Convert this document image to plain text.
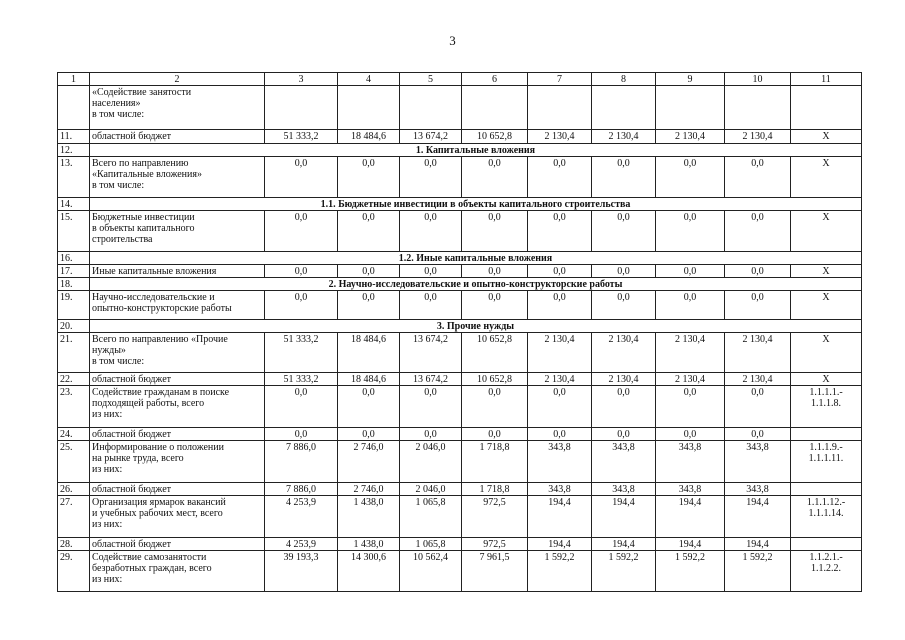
3
1	2	3	4	5	6	7	8	9	10	11
	«Содействие занятости
населения»
в том числе:									
11.	областной бюджет	51 333,2	18 484,6	13 674,2	10 652,8	2 130,4	2 130,4	2 130,4	2 130,4	X
12.	1. Капитальные вложения									
13.	Всего по направлению
«Капитальные вложения»
в том числе:	0,0	0,0	0,0	0,0	0,0	0,0	0,0	0,0	X
14.	1.1. Бюджетные инвестиции в объекты капитального строительства									
15.	Бюджетные инвестиции
в объекты капитального
строительства	0,0	0,0	0,0	0,0	0,0	0,0	0,0	0,0	X
16.	1.2. Иные капитальные вложения									
17.	Иные капитальные вложения	0,0	0,0	0,0	0,0	0,0	0,0	0,0	0,0	X
18.	2. Научно-исследовательские и опытно-конструкторские работы									
19.	Научно-исследовательские и
опытно-конструкторские работы	0,0	0,0	0,0	0,0	0,0	0,0	0,0	0,0	X
20.	3. Прочие нужды									
21.	Всего по направлению «Прочие
нужды»
в том числе:	51 333,2	18 484,6	13 674,2	10 652,8	2 130,4	2 130,4	2 130,4	2 130,4	X
22.	областной бюджет	51 333,2	18 484,6	13 674,2	10 652,8	2 130,4	2 130,4	2 130,4	2 130,4	X
23.	Содействие гражданам в поиске
подходящей работы, всего
из них:	0,0	0,0	0,0	0,0	0,0	0,0	0,0	0,0	1.1.1.1.-
1.1.1.8.
24.	областной бюджет	0,0	0,0	0,0	0,0	0,0	0,0	0,0	0,0	
25.	Информирование о положении
на рынке труда, всего
из них:	7 886,0	2 746,0	2 046,0	1 718,8	343,8	343,8	343,8	343,8	1.1.1.9.-
1.1.1.11.
26.	областной бюджет	7 886,0	2 746,0	2 046,0	1 718,8	343,8	343,8	343,8	343,8	
27.	Организация ярмарок вакансий
и учебных рабочих мест, всего
из них:	4 253,9	1 438,0	1 065,8	972,5	194,4	194,4	194,4	194,4	1.1.1.12.-
1.1.1.14.
28.	областной бюджет	4 253,9	1 438,0	1 065,8	972,5	194,4	194,4	194,4	194,4	
29.	Содействие самозанятости
безработных граждан, всего
из них:	39 193,3	14 300,6	10 562,4	7 961,5	1 592,2	1 592,2	1 592,2	1 592,2	1.1.2.1.-
1.1.2.2.
